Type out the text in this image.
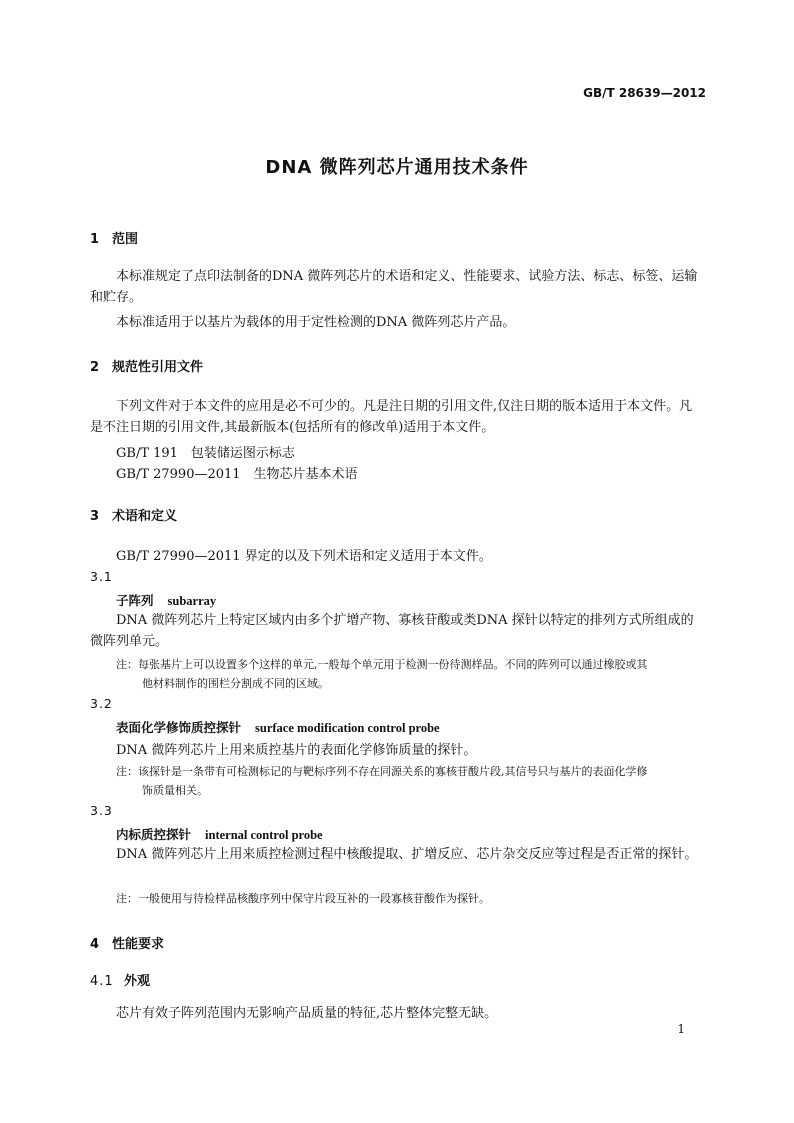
GB/T 28639—2012
DNA 微阵列芯片通用技术条件
1 范围
本标准规定了点印法制备的DNA 微阵列芯片的术语和定义、性能要求、试验方法、标志、标签、运输和贮存。
本标准适用于以基片为载体的用于定性检测的DNA 微阵列芯片产品。
2 规范性引用文件
下列文件对于本文件的应用是必不可少的。凡是注日期的引用文件,仅注日期的版本适用于本文件。凡是不注日期的引用文件,其最新版本(包括所有的修改单)适用于本文件。
GB/T 191　包装储运图示标志
GB/T 27990—2011　生物芯片基本术语
3 术语和定义
GB/T 27990—2011 界定的以及下列术语和定义适用于本文件。
3.1
子阵列 subarray
DNA 微阵列芯片上特定区域内由多个扩增产物、寡核苷酸或类DNA 探针以特定的排列方式所组成的微阵列单元。
注：每张基片上可以设置多个这样的单元,一般每个单元用于检测一份待测样品。不同的阵列可以通过橡胶或其
他材料制作的围栏分割成不同的区域。
3.2
表面化学修饰质控探针 surface modification control probe
DNA 微阵列芯片上用来质控基片的表面化学修饰质量的探针。
注：该探针是一条带有可检测标记的与靶标序列不存在同源关系的寡核苷酸片段,其信号只与基片的表面化学修
饰质量相关。
3.3
内标质控探针 internal control probe
DNA 微阵列芯片上用来质控检测过程中核酸提取、扩增反应、芯片杂交反应等过程是否正常的探针。
注：一般使用与待检样品核酸序列中保守片段互补的一段寡核苷酸作为探针。
4 性能要求
4.1 外观
芯片有效子阵列范围内无影响产品质量的特征,芯片整体完整无缺。
1
